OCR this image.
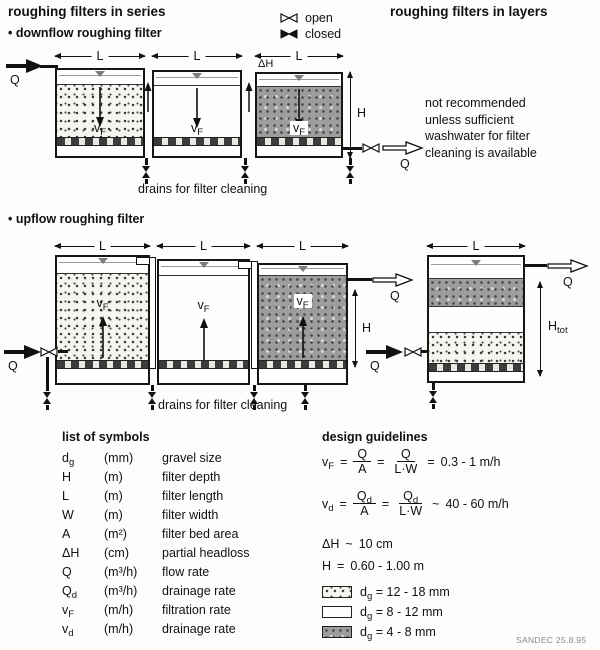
roughing filters in series	roughing filters in layers
open
closed
• downflow roughing filter
L	L	L
ΔH
Q
$v_F$	$v_F$	$v_F$
H
Q
drains for filter cleaning
not recommended unless sufficient washwater for filter cleaning is available
• upflow roughing filter
L	L	L	L
$v_F$	$v_F$
$v_F$
Q
H
Q
drains for filter cleaning
Q
$H_{tot}$
Q
list of symbols
$d_g$	(mm)	gravel size
H	(m)	filter depth
L	(m)	filter length
W	(m)	filter width
A	(m²)	filter bed area
ΔH	(cm)	partial headloss
Q	(m³/h)	flow rate
$Q_d$	(m³/h)	drainage rate
$v_F$	(m/h)	filtration rate
$v_d$	(m/h)	drainage rate
design guidelines
$v_F = \frac{Q}{A} = \frac{Q}{L\cdot W} = 0.3 - 1$ m/h
$v_d = \frac{Q_d}{A} = \frac{Q_d}{L\cdot W}$ ~ 40 - 60 m/h
ΔH ~ 10 cm
H = 0.60 - 1.00 m
$d_g = 12 - 18$ mm
$d_g = 8 - 12$ mm
$d_g = 4 - 8$ mm
SANDEC 25.8.95
